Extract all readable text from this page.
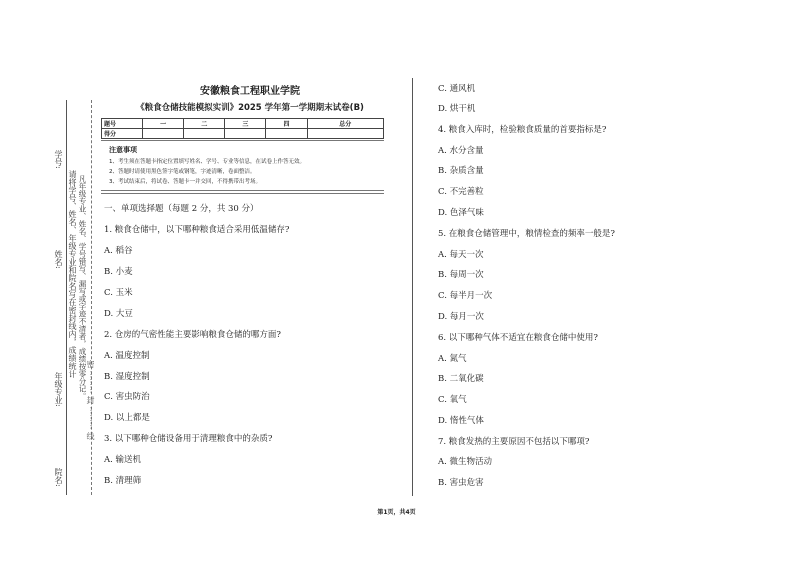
学号:
姓名:
年级专业:
院名:
请将学号、姓名、年级专业和院名写在密封线内，成绩统计 凡年级专业、姓名、学号错写、漏写或字迹不清者，成绩按零分记。 密 ········· 封 ········· 线
安徽粮食工程职业学院
《粮食仓储技能模拟实训》2025 学年第一学期期末试卷(B)
题号	一	二	三	四	总分
得分					
注意事项
1、考生须在答题卡指定位置填写姓名、学号、专业等信息，在试卷上作答无效。
2、答题时请使用黑色签字笔或钢笔，字迹清晰，卷面整洁。
3、考试结束后，将试卷、答题卡一并交回，不得携带出考场。
一、单项选择题（每题 2 分，共 30 分）
1. 粮食仓储中，以下哪种粮食适合采用低温储存?
A. 稻谷
B. 小麦
C. 玉米
D. 大豆
2. 仓房的气密性能主要影响粮食仓储的哪方面?
A. 温度控制
B. 湿度控制
C. 害虫防治
D. 以上都是
3. 以下哪种仓储设备用于清理粮食中的杂质?
A. 输送机
B. 清理筛
C. 通风机
D. 烘干机
4. 粮食入库时，检验粮食质量的首要指标是?
A. 水分含量
B. 杂质含量
C. 不完善粒
D. 色泽气味
5. 在粮食仓储管理中，粮情检查的频率一般是?
A. 每天一次
B. 每周一次
C. 每半月一次
D. 每月一次
6. 以下哪种气体不适宜在粮食仓储中使用?
A. 氮气
B. 二氧化碳
C. 氧气
D. 惰性气体
7. 粮食发热的主要原因不包括以下哪项?
A. 微生物活动
B. 害虫危害
第1页，共4页
